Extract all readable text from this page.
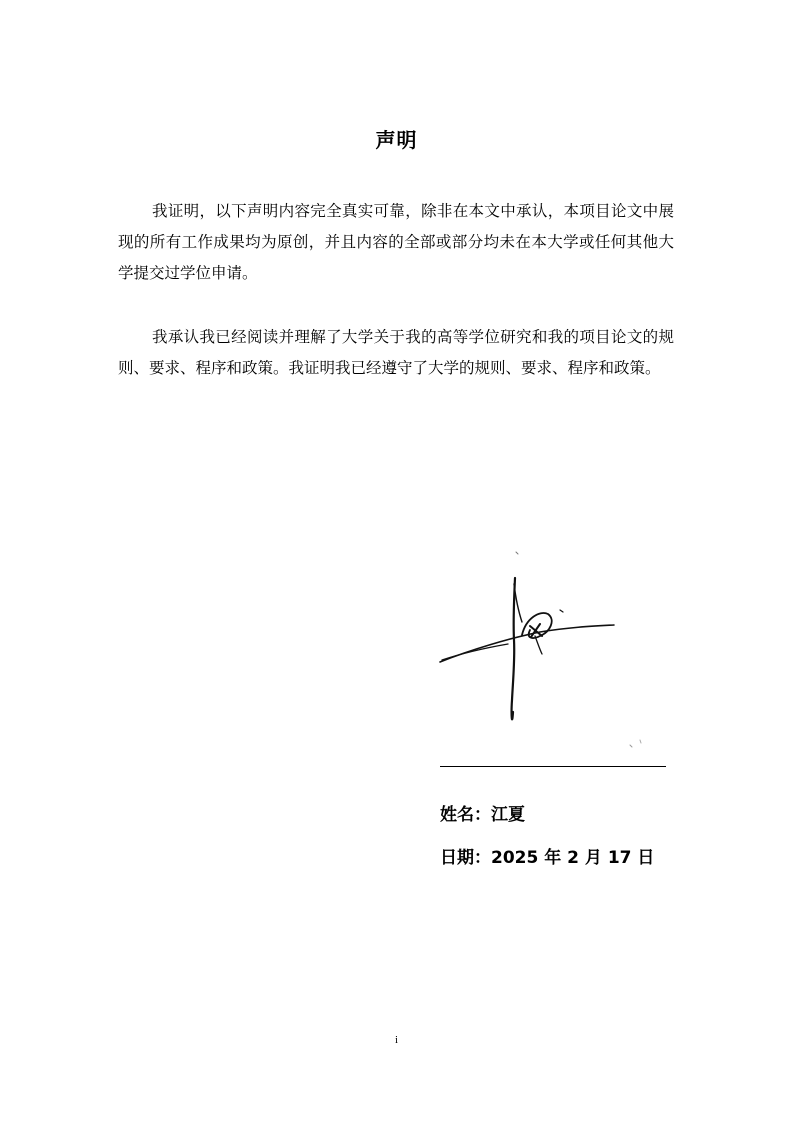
声明

我证明，以下声明内容完全真实可靠，除非在本文中承认，本项目论文中展现的所有工作成果均为原创，并且内容的全部或部分均未在本大学或任何其他大学提交过学位申请。

我承认我已经阅读并理解了大学关于我的高等学位研究和我的项目论文的规则、要求、程序和政策。我证明我已经遵守了大学的规则、要求、程序和政策。

姓名：江夏
日期：2025 年 2 月 17 日
i
